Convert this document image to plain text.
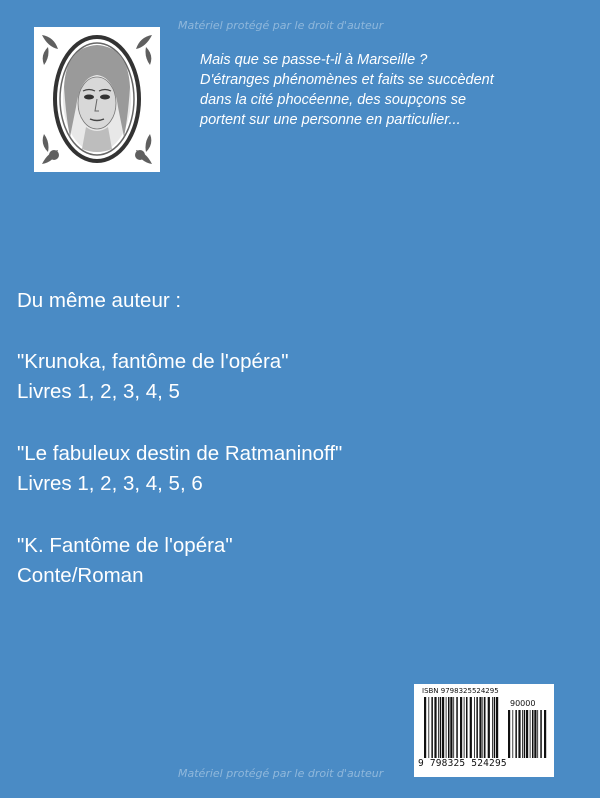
Matériel protégé par le droit d'auteur
Mais que se passe-t-il à Marseille ?
D'étranges phénomènes et faits se succèdent
dans la cité phocéenne, des soupçons se
portent sur une personne en particulier...
Du même auteur :
"Krunoka, fantôme de l'opéra"
Livres 1, 2, 3, 4, 5
"Le fabuleux destin de Ratmaninoff"
Livres 1, 2, 3, 4, 5, 6
"K. Fantôme de l'opéra"
Conte/Roman
ISBN 9798325524295
90000
9 798325 524295
Matériel protégé par le droit d'auteur
